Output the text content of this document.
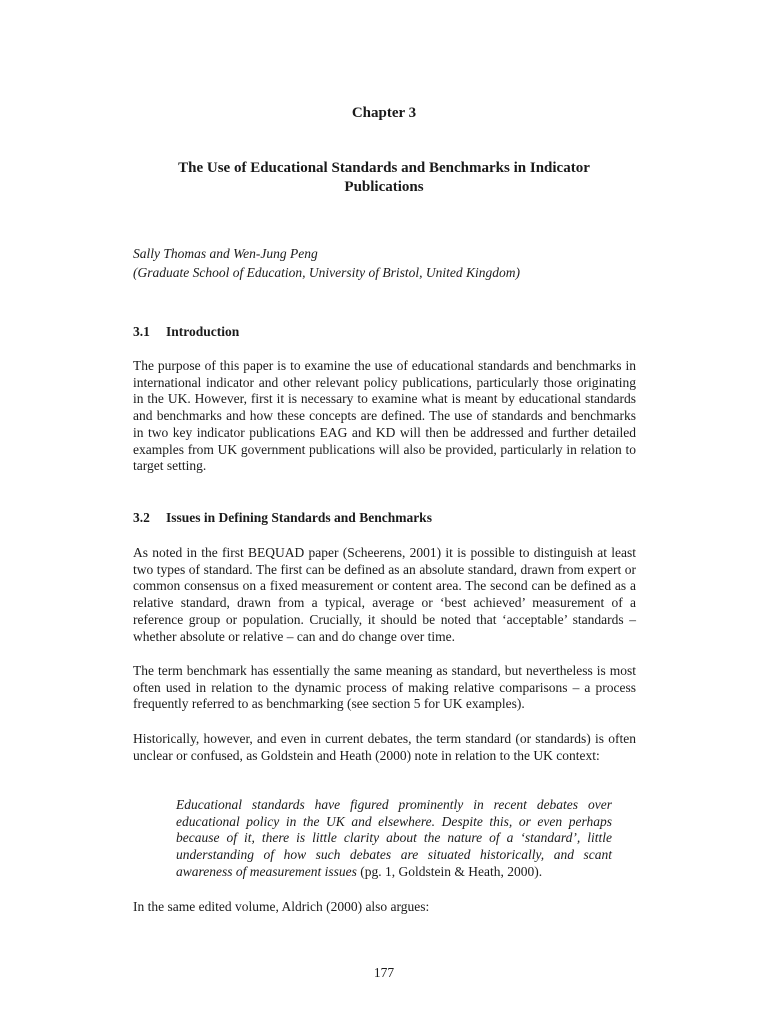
Chapter 3
The Use of Educational Standards and Benchmarks in Indicator Publications
Sally Thomas and Wen-Jung Peng
(Graduate School of Education, University of Bristol, United Kingdom)
3.1 Introduction

The purpose of this paper is to examine the use of educational standards and benchmarks in international indicator and other relevant policy publications, particularly those originating in the UK. However, first it is necessary to examine what is meant by educational standards and benchmarks and how these concepts are defined. The use of standards and benchmarks in two key indicator publications EAG and KD will then be addressed and further detailed examples from UK government publications will also be provided, particularly in relation to target setting.

3.2 Issues in Defining Standards and Benchmarks

As noted in the first BEQUAD paper (Scheerens, 2001) it is possible to distinguish at least two types of standard. The first can be defined as an absolute standard, drawn from expert or common consensus on a fixed measurement or content area. The second can be defined as a relative standard, drawn from a typical, average or ‘best achieved’ measurement of a reference group or population. Crucially, it should be noted that ‘acceptable’ standards – whether absolute or relative – can and do change over time.

The term benchmark has essentially the same meaning as standard, but nevertheless is most often used in relation to the dynamic process of making relative comparisons – a process frequently referred to as benchmarking (see section 5 for UK examples).

Historically, however, and even in current debates, the term standard (or standards) is often unclear or confused, as Goldstein and Heath (2000) note in relation to the UK context:

Educational standards have figured prominently in recent debates over educational policy in the UK and elsewhere. Despite this, or even perhaps because of it, there is little clarity about the nature of a ‘standard’, little understanding of how such debates are situated historically, and scant awareness of measurement issues (pg. 1, Goldstein & Heath, 2000).

In the same edited volume, Aldrich (2000) also argues:

177
